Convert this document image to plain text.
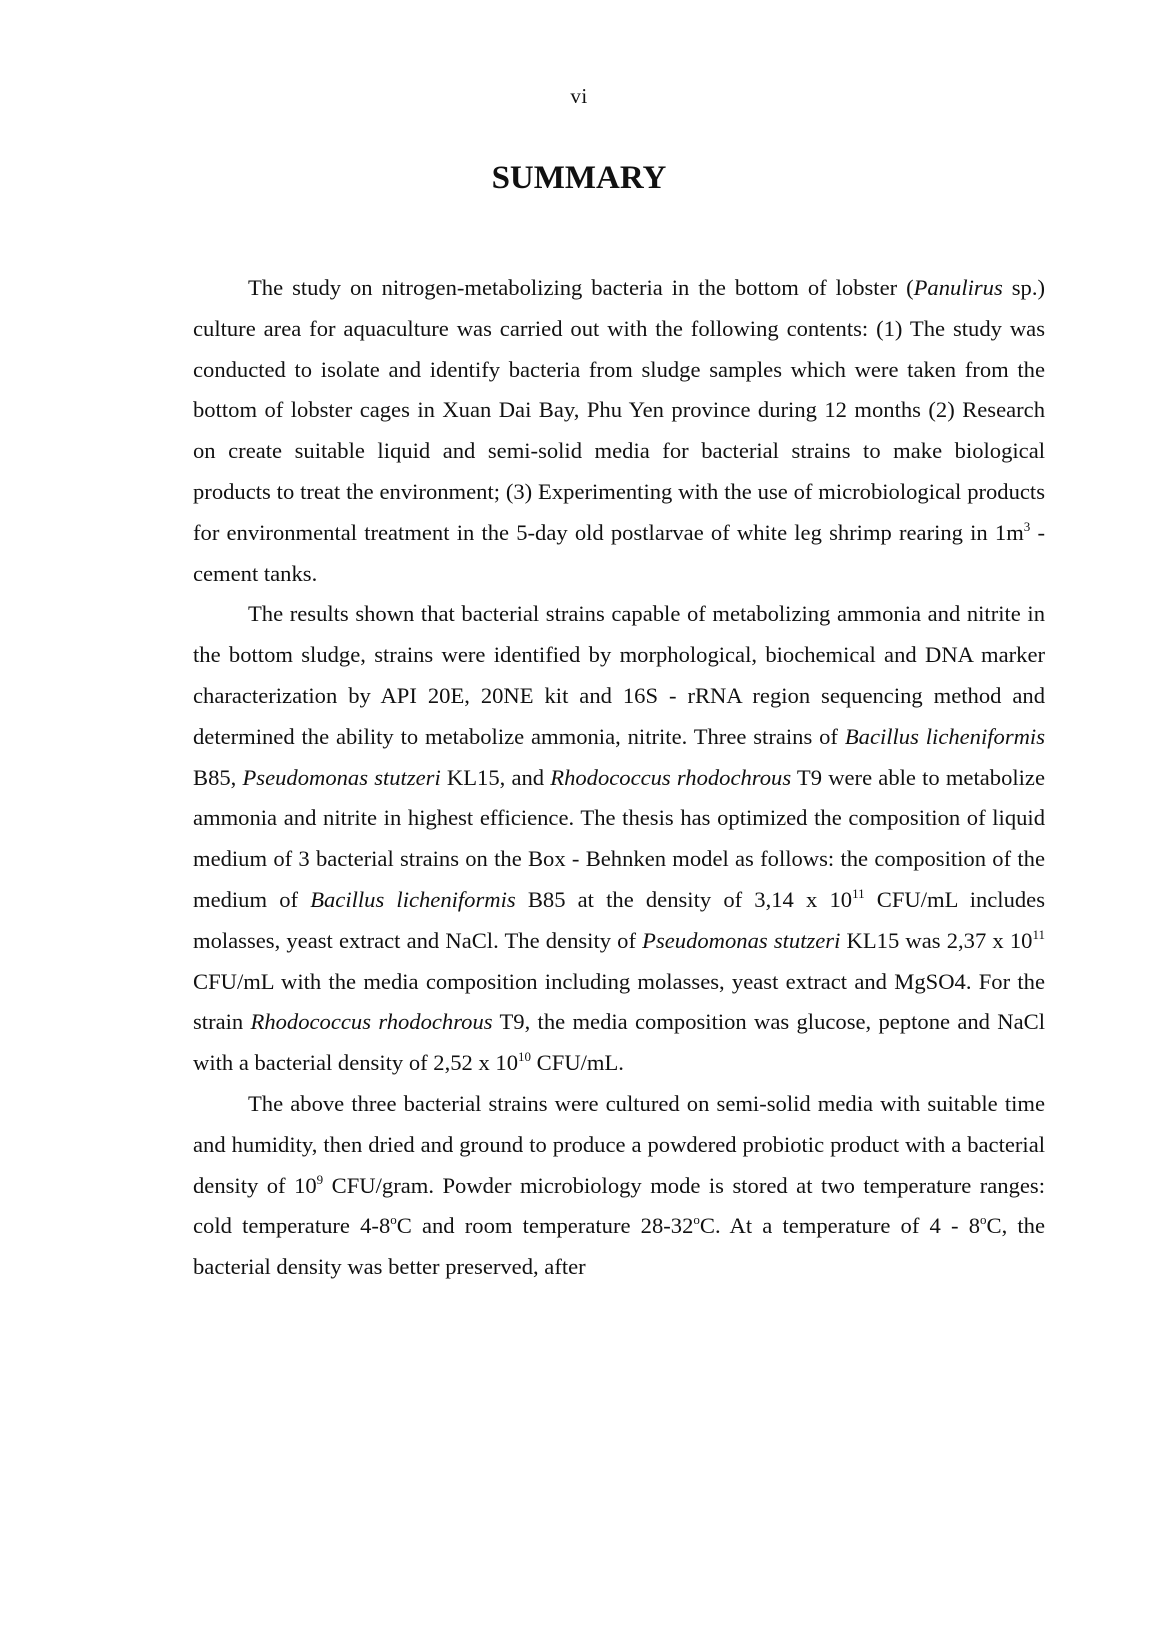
vi
SUMMARY

The study on nitrogen-metabolizing bacteria in the bottom of lobster (Panulirus sp.) culture area for aquaculture was carried out with the following contents: (1) The study was conducted to isolate and identify bacteria from sludge samples which were taken from the bottom of lobster cages in Xuan Dai Bay, Phu Yen province during 12 months (2) Research on create suitable liquid and semi-solid media for bacterial strains to make biological products to treat the environment; (3) Experimenting with the use of microbiological products for environmental treatment in the 5-day old postlarvae of white leg shrimp rearing in $1m^3$ - cement tanks.

The results shown that bacterial strains capable of metabolizing ammonia and nitrite in the bottom sludge, strains were identified by morphological, biochemical and DNA marker characterization by API 20E, 20NE kit and 16S - rRNA region sequencing method and determined the ability to metabolize ammonia, nitrite. Three strains of Bacillus licheniformis B85, Pseudomonas stutzeri KL15, and Rhodococcus rhodochrous T9 were able to metabolize ammonia and nitrite in highest efficience. The thesis has optimized the composition of liquid medium of 3 bacterial strains on the Box - Behnken model as follows: the composition of the medium of Bacillus licheniformis B85 at the density of 3,14 x $10^{11}$ CFU/mL includes molasses, yeast extract and NaCl. The density of Pseudomonas stutzeri KL15 was 2,37 x $10^{11}$ CFU/mL with the media composition including molasses, yeast extract and MgSO4. For the strain Rhodococcus rhodochrous T9, the media composition was glucose, peptone and NaCl with a bacterial density of 2,52 x $10^{10}$ CFU/mL.

The above three bacterial strains were cultured on semi-solid media with suitable time and humidity, then dried and ground to produce a powdered probiotic product with a bacterial density of $10^9$ CFU/gram. Powder microbiology mode is stored at two temperature ranges: cold temperature 4-8$^o$C and room temperature 28-32$^o$C. At a temperature of 4 - 8$^o$C, the bacterial density was better preserved, after
